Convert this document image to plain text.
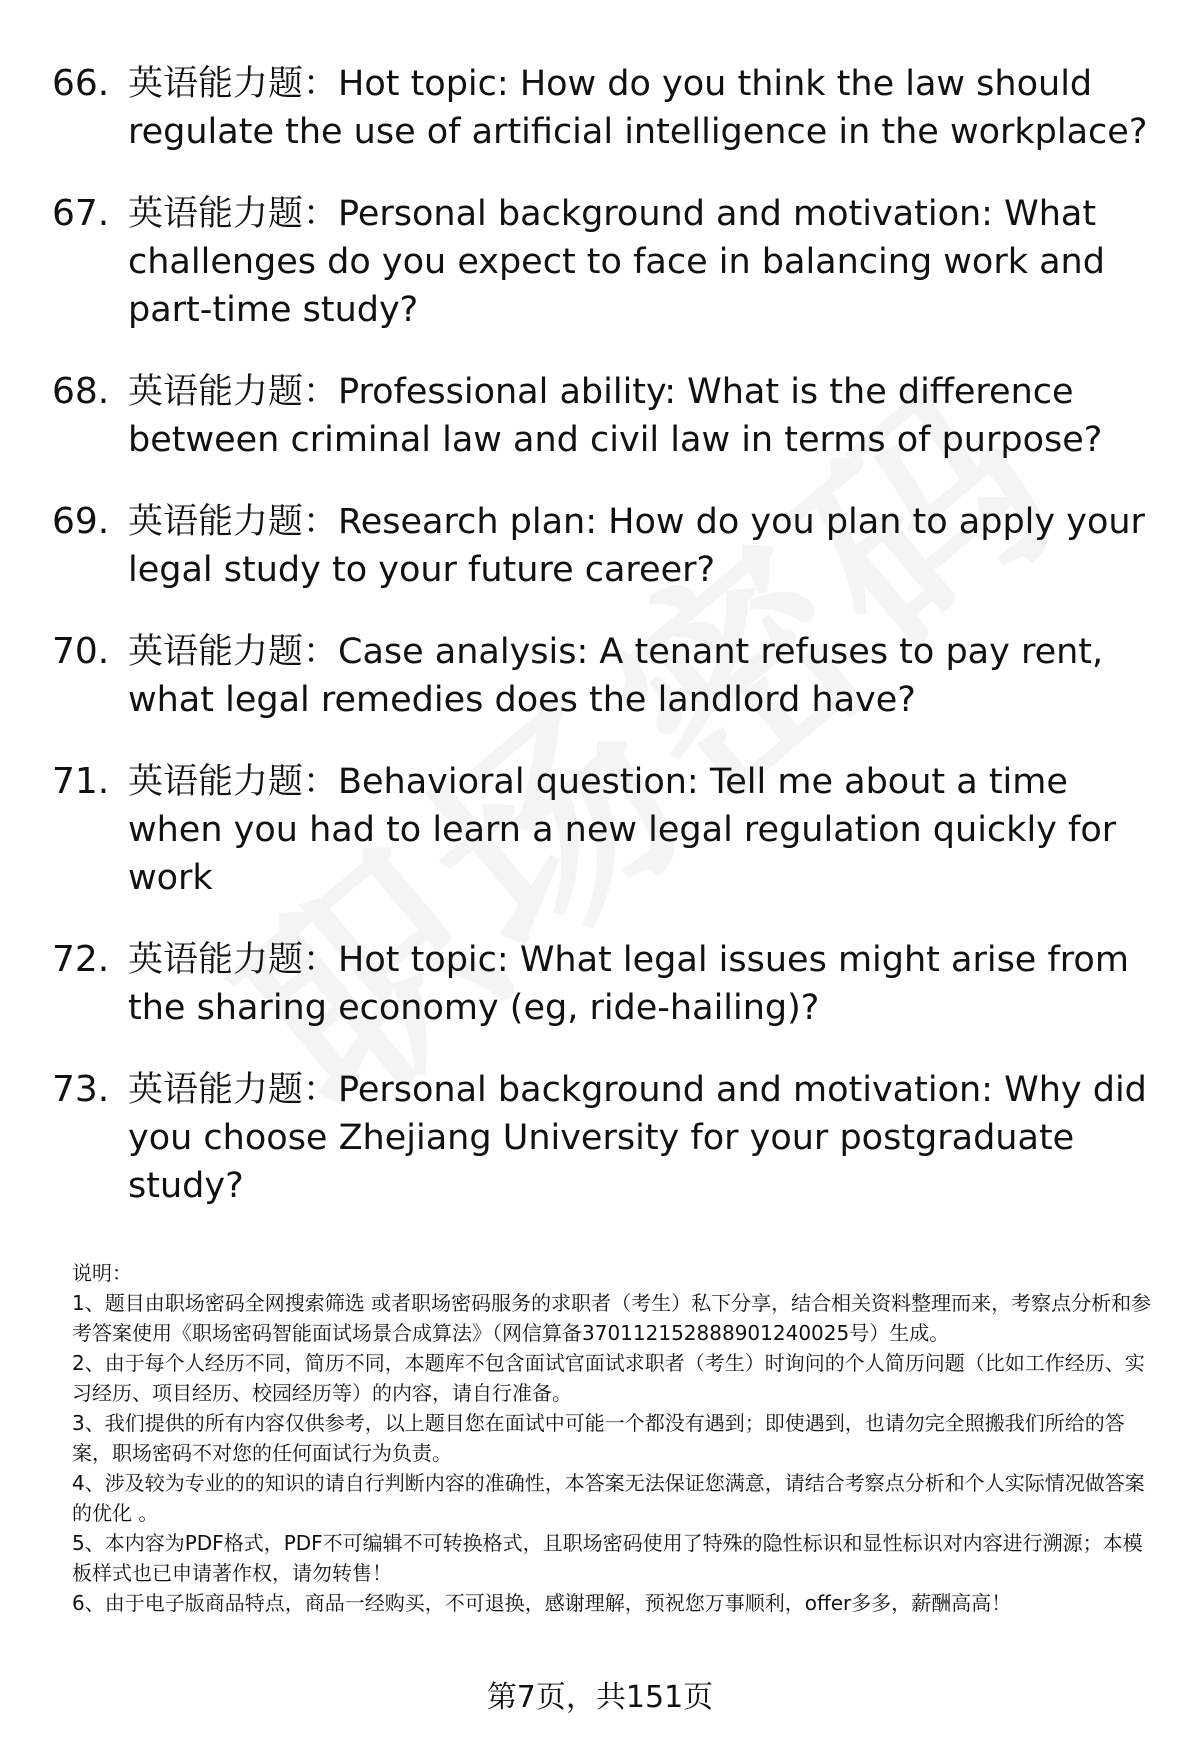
66. 英语能力题：Hot topic: How do you think the law should regulate the use of artificial intelligence in the workplace?
67. 英语能力题：Personal background and motivation: What challenges do you expect to face in balancing work and part-time study?
68. 英语能力题：Professional ability: What is the difference between criminal law and civil law in terms of purpose?
69. 英语能力题：Research plan: How do you plan to apply your legal study to your future career?
70. 英语能力题：Case analysis: A tenant refuses to pay rent, what legal remedies does the landlord have?
71. 英语能力题：Behavioral question: Tell me about a time when you had to learn a new legal regulation quickly for work
72. 英语能力题：Hot topic: What legal issues might arise from the sharing economy (eg, ride-hailing)?
73. 英语能力题：Personal background and motivation: Why did you choose Zhejiang University for your postgraduate study?

说明：

1、题目由职场密码全网搜索筛选 或者职场密码服务的求职者（考生）私下分享，结合相关资料整理而来，考察点分析和参考答案使用《职场密码智能面试场景合成算法》（网信算备370112152888901240025号）生成。

2、由于每个人经历不同，简历不同，本题库不包含面试官面试求职者（考生）时询问的个人简历问题（比如工作经历、实习经历、项目经历、校园经历等）的内容，请自行准备。

3、我们提供的所有内容仅供参考，以上题目您在面试中可能一个都没有遇到；即使遇到，也请勿完全照搬我们所给的答案，职场密码不对您的任何面试行为负责。

4、涉及较为专业的的知识的请自行判断内容的准确性，本答案无法保证您满意，请结合考察点分析和个人实际情况做答案的优化 。

5、本内容为PDF格式，PDF不可编辑不可转换格式，且职场密码使用了特殊的隐性标识和显性标识对内容进行溯源；本模板样式也已申请著作权，请勿转售！

6、由于电子版商品特点，商品一经购买，不可退换，感谢理解，预祝您万事顺利，offer多多，薪酬高高！

第7页，共151页
